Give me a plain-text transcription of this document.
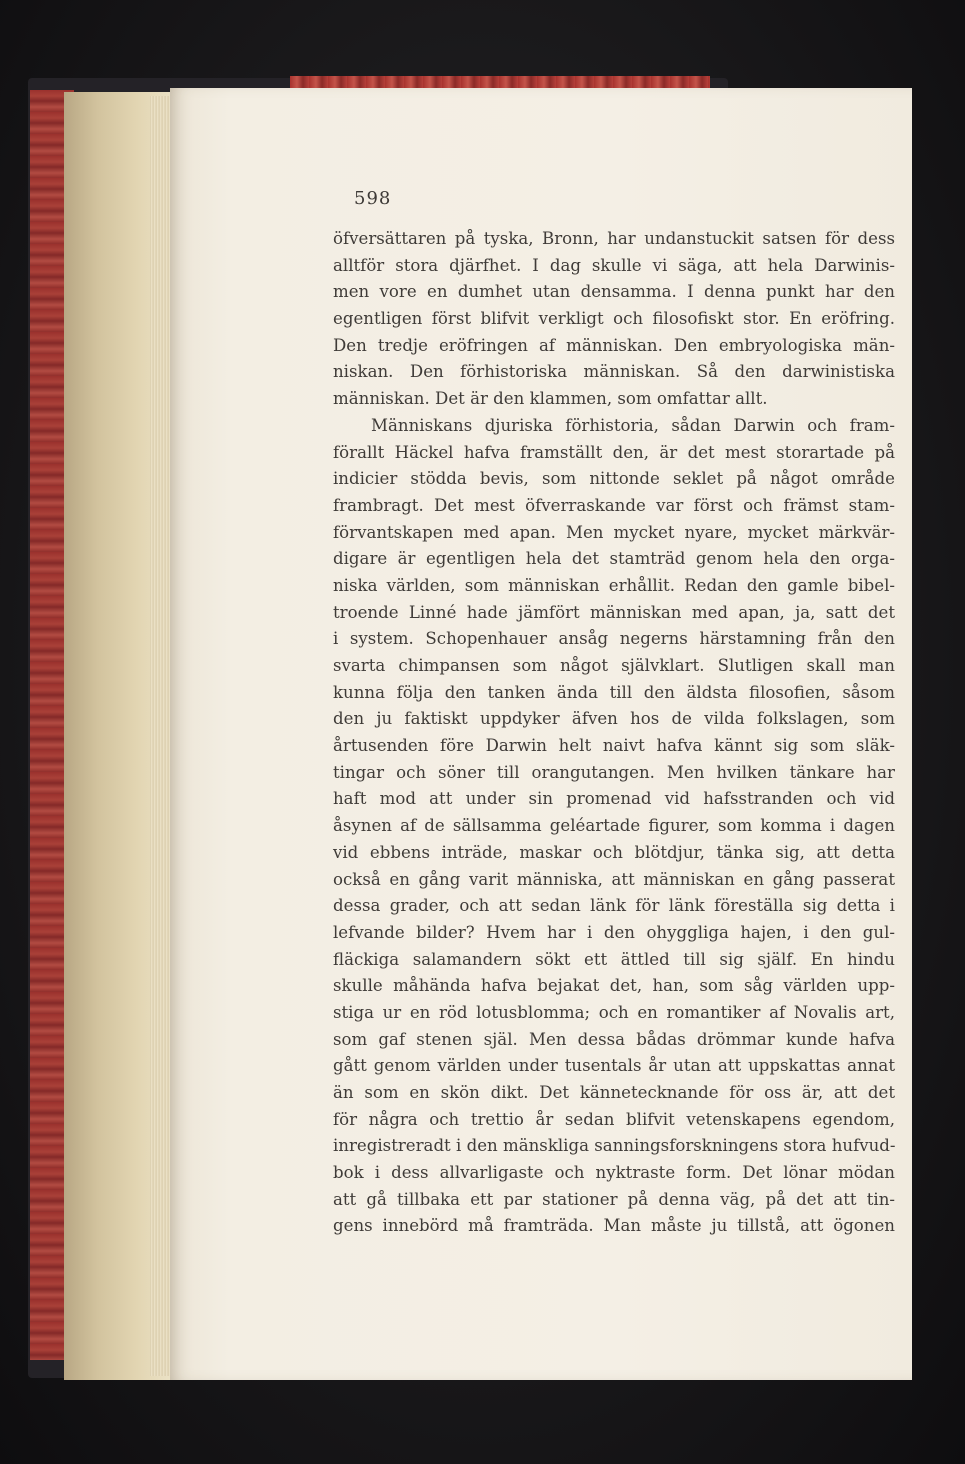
598
öfversättaren på tyska, Bronn, har undanstuckit satsen för dess
alltför stora djärfhet. I dag skulle vi säga, att hela Darwinis-
men vore en dumhet utan densamma. I denna punkt har den
egentligen först blifvit verkligt och filosofiskt stor. En eröfring.
Den tredje eröfringen af människan. Den embryologiska män-
niskan. Den förhistoriska människan. Så den darwinistiska
människan. Det är den klammen, som omfattar allt.
Människans djuriska förhistoria, sådan Darwin och fram-
förallt Häckel hafva framställt den, är det mest storartade på
indicier stödda bevis, som nittonde seklet på något område
frambragt. Det mest öfverraskande var först och främst stam-
förvantskapen med apan. Men mycket nyare, mycket märkvär-
digare är egentligen hela det stamträd genom hela den orga-
niska världen, som människan erhållit. Redan den gamle bibel-
troende Linné hade jämfört människan med apan, ja, satt det
i system. Schopenhauer ansåg negerns härstamning från den
svarta chimpansen som något självklart. Slutligen skall man
kunna följa den tanken ända till den äldsta filosofien, såsom
den ju faktiskt uppdyker äfven hos de vilda folkslagen, som
årtusenden före Darwin helt naivt hafva kännt sig som släk-
tingar och söner till orangutangen. Men hvilken tänkare har
haft mod att under sin promenad vid hafsstranden och vid
åsynen af de sällsamma geléartade figurer, som komma i dagen
vid ebbens inträde, maskar och blötdjur, tänka sig, att detta
också en gång varit människa, att människan en gång passerat
dessa grader, och att sedan länk för länk föreställa sig detta i
lefvande bilder? Hvem har i den ohyggliga hajen, i den gul-
fläckiga salamandern sökt ett ättled till sig själf. En hindu
skulle måhända hafva bejakat det, han, som såg världen upp-
stiga ur en röd lotusblomma; och en romantiker af Novalis art,
som gaf stenen själ. Men dessa bådas drömmar kunde hafva
gått genom världen under tusentals år utan att uppskattas annat
än som en skön dikt. Det kännetecknande för oss är, att det
för några och trettio år sedan blifvit vetenskapens egendom,
inregistreradt i den mänskliga sanningsforskningens stora hufvud-
bok i dess allvarligaste och nyktraste form. Det lönar mödan
att gå tillbaka ett par stationer på denna väg, på det att tin-
gens innebörd må framträda. Man måste ju tillstå, att ögonen
